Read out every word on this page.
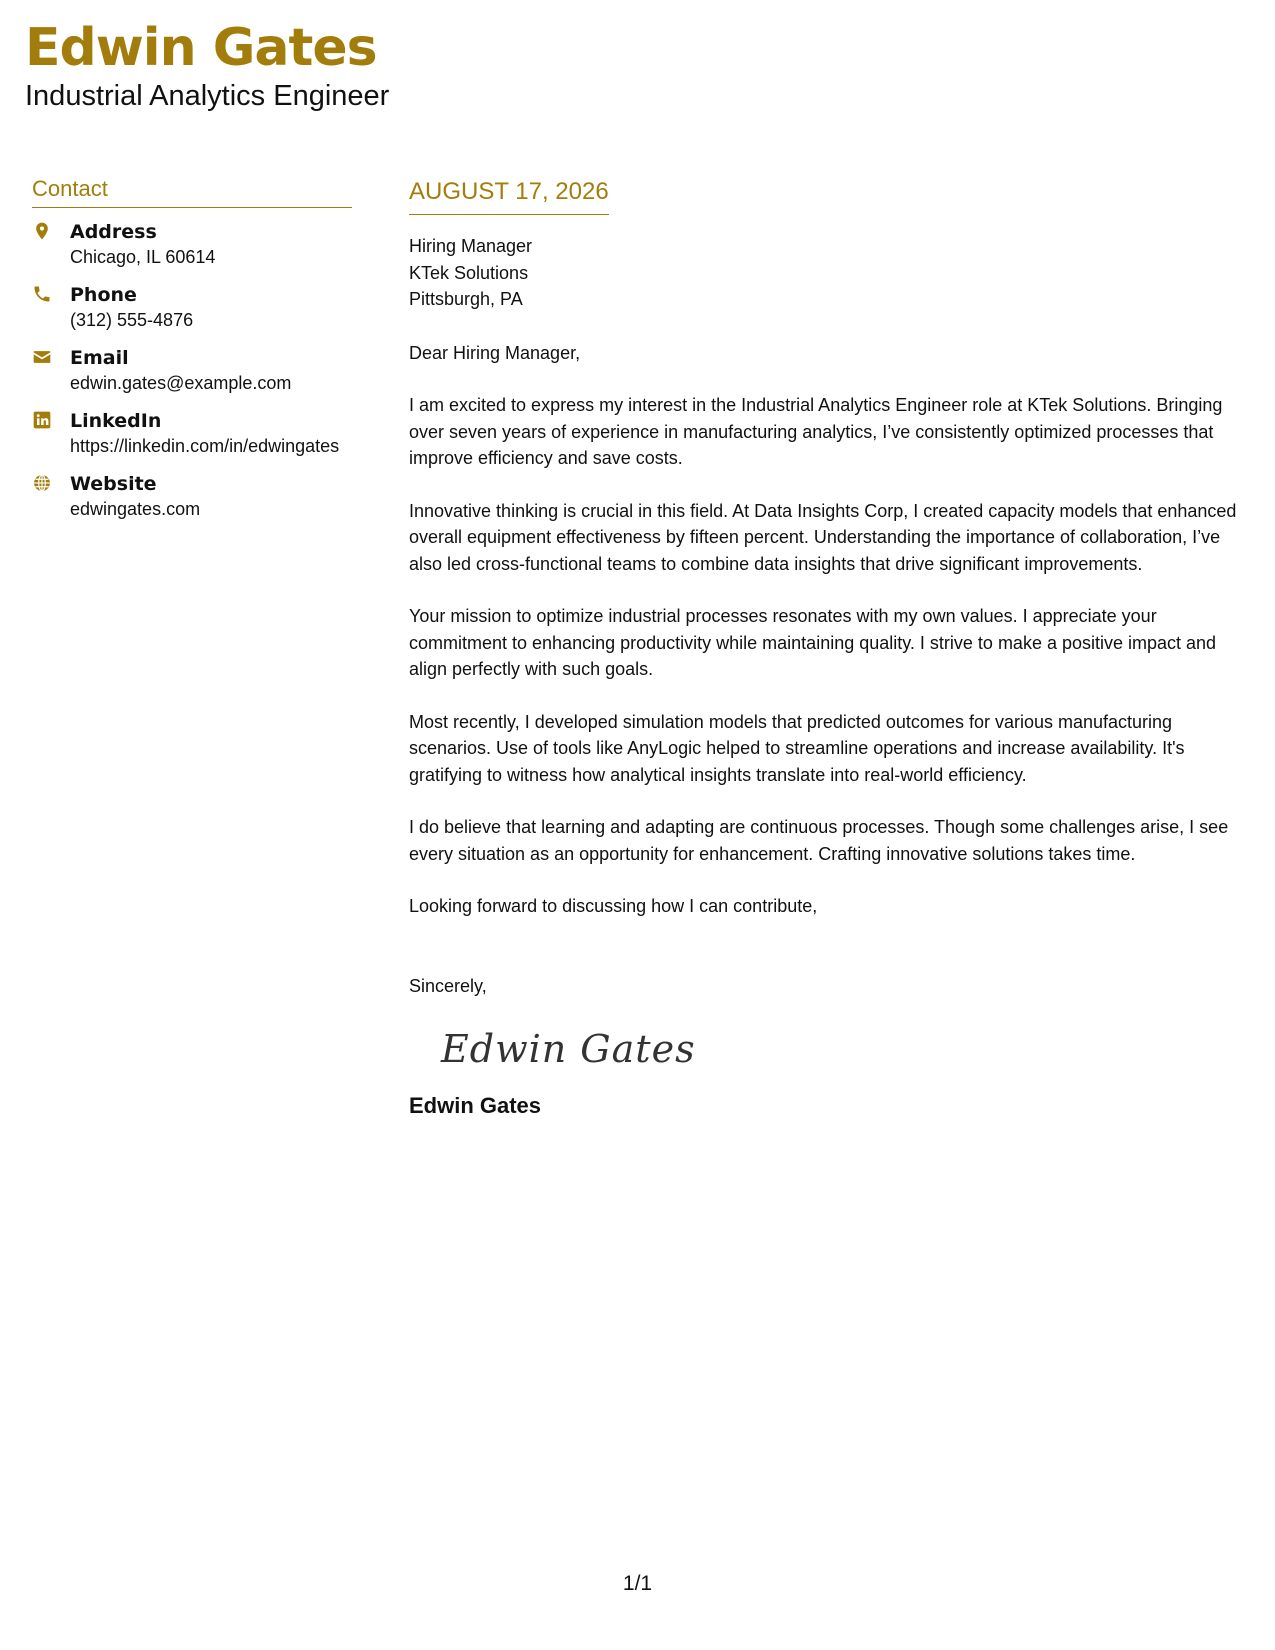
Edwin Gates
Industrial Analytics Engineer
Contact
Address
Chicago, IL 60614
Phone
(312) 555-4876
Email
edwin.gates@example.com
LinkedIn
https://linkedin.com/in/edwingates
Website
edwingates.com
AUGUST 17, 2026
Hiring Manager
KTek Solutions
Pittsburgh, PA
Dear Hiring Manager,
I am excited to express my interest in the Industrial Analytics Engineer role at KTek Solutions. Bringing over seven years of experience in manufacturing analytics, I’ve consistently optimized processes that improve efficiency and save costs.
Innovative thinking is crucial in this field. At Data Insights Corp, I created capacity models that enhanced overall equipment effectiveness by fifteen percent. Understanding the importance of collaboration, I’ve also led cross-functional teams to combine data insights that drive significant improvements.
Your mission to optimize industrial processes resonates with my own values. I appreciate your commitment to enhancing productivity while maintaining quality. I strive to make a positive impact and align perfectly with such goals.
Most recently, I developed simulation models that predicted outcomes for various manufacturing scenarios. Use of tools like AnyLogic helped to streamline operations and increase availability. It's gratifying to witness how analytical insights translate into real-world efficiency.
I do believe that learning and adapting are continuous processes. Though some challenges arise, I see every situation as an opportunity for enhancement. Crafting innovative solutions takes time.
Looking forward to discussing how I can contribute,
Sincerely,
Edwin Gates
Edwin Gates
1/1
